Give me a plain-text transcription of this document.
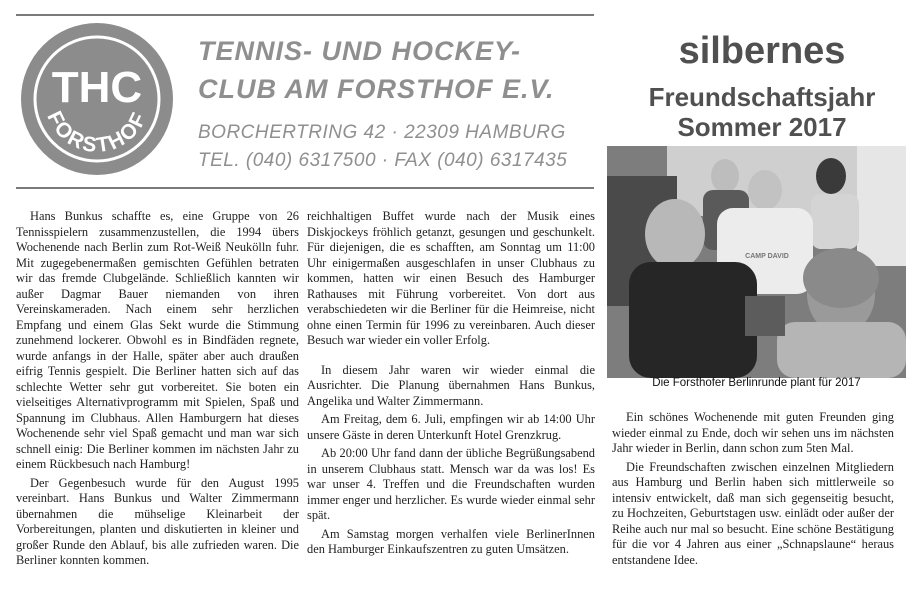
THC
FORSTHOF
TENNIS- UND HOCKEY-
CLUB AM FORSTHOF E.V.
BORCHERTRING 42 · 22309 HAMBURG
TEL. (040) 6317500 · FAX (040) 6317435
silbernes
Freundschaftsjahr
Sommer 2017
CAMP DAVID
Die Forsthofer Berlinrunde plant für 2017

Hans Bunkus schaffte es, eine Gruppe von 26 Tennisspielern zusammenzustellen, die 1994 übers Wochenende nach Berlin zum Rot-Weiß Neukölln fuhr. Mit zugegebenermaßen gemischten Gefühlen betraten wir das fremde Clubgelände. Schließlich kannten wir außer Dagmar Bauer niemanden von ihren Vereinskameraden. Nach einem sehr herzlichen Empfang und einem Glas Sekt wurde die Stimmung zunehmend lockerer. Obwohl es in Bindfäden regnete, wurde anfangs in der Halle, später aber auch draußen eifrig Tennis gespielt. Die Berliner hatten sich auf das schlechte Wetter sehr gut vorbereitet. Sie boten ein vielseitiges Alternativprogramm mit Spielen, Spaß und Spannung im Clubhaus. Allen Hamburgern hat dieses Wochenende sehr viel Spaß gemacht und man war sich schnell einig: Die Berliner kommen im nächsten Jahr zu einem Rückbesuch nach Hamburg!

Der Gegenbesuch wurde für den August 1995 vereinbart. Hans Bunkus und Walter Zimmermann übernahmen die mühselige Kleinarbeit der Vorbereitungen, planten und diskutierten in kleiner und großer Runde den Ablauf, bis alle zufrieden waren. Die Berliner konnten kommen.

reichhaltigen Buffet wurde nach der Musik eines Diskjockeys fröhlich getanzt, gesungen und geschunkelt. Für diejenigen, die es schafften, am Sonntag um 11:00 Uhr einigermaßen ausgeschlafen in unser Clubhaus zu kommen, hatten wir einen Besuch des Hamburger Rathauses mit Führung vorbereitet. Von dort aus verabschiedeten wir die Berliner für die Heimreise, nicht ohne einen Termin für 1996 zu vereinbaren. Auch dieser Besuch war wieder ein voller Erfolg.

In diesem Jahr waren wir wieder einmal die Ausrichter. Die Planung übernahmen Hans Bunkus, Angelika und Walter Zimmermann.

Am Freitag, dem 6. Juli, empfingen wir ab 14:00 Uhr unsere Gäste in deren Unterkunft Hotel Grenzkrug.

Ab 20:00 Uhr fand dann der übliche Begrüßungsabend in unserem Clubhaus statt. Mensch war da was los! Es war unser 4. Treffen und die Freundschaften wurden immer enger und herzlicher. Es wurde wieder einmal sehr spät.

Am Samstag morgen verhalfen viele BerlinerInnen den Hamburger Einkaufszentren zu guten Umsätzen.

Ein schönes Wochenende mit guten Freunden ging wieder einmal zu Ende, doch wir sehen uns im nächsten Jahr wieder in Berlin, dann schon zum 5ten Mal.

Die Freundschaften zwischen einzelnen Mitgliedern aus Hamburg und Berlin haben sich mittlerweile so intensiv entwickelt, daß man sich gegenseitig besucht, zu Hochzeiten, Geburtstagen usw. einlädt oder außer der Reihe auch nur mal so besucht. Eine schöne Bestätigung für die vor 4 Jahren aus einer „Schnapslaune“ heraus entstandene Idee.
